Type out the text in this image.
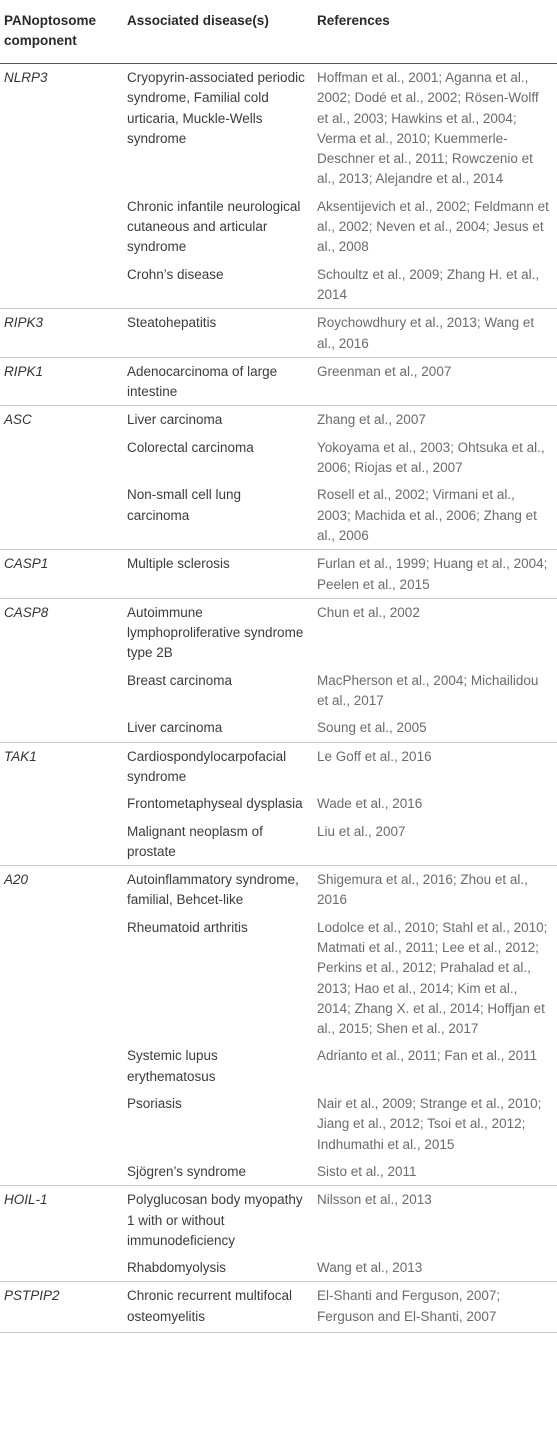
PANoptosome component	Associated disease(s)	References
NLRP3	Cryopyrin-associated periodic syndrome, Familial cold urticaria, Muckle-Wells syndrome	Hoffman et al., 2001; Aganna et al., 2002; Dodé et al., 2002; Rösen-Wolff et al., 2003; Hawkins et al., 2004; Verma et al., 2010; Kuemmerle-Deschner et al., 2011; Rowczenio et al., 2013; Alejandre et al., 2014
	Chronic infantile neurological cutaneous and articular syndrome	Aksentijevich et al., 2002; Feldmann et al., 2002; Neven et al., 2004; Jesus et al., 2008
	Crohn’s disease	Schoultz et al., 2009; Zhang H. et al., 2014
RIPK3	Steatohepatitis	Roychowdhury et al., 2013; Wang et al., 2016
RIPK1	Adenocarcinoma of large intestine	Greenman et al., 2007
ASC	Liver carcinoma	Zhang et al., 2007
	Colorectal carcinoma	Yokoyama et al., 2003; Ohtsuka et al., 2006; Riojas et al., 2007
	Non-small cell lung carcinoma	Rosell et al., 2002; Virmani et al., 2003; Machida et al., 2006; Zhang et al., 2006
CASP1	Multiple sclerosis	Furlan et al., 1999; Huang et al., 2004; Peelen et al., 2015
CASP8	Autoimmune lymphoproliferative syndrome type 2B	Chun et al., 2002
	Breast carcinoma	MacPherson et al., 2004; Michailidou et al., 2017
	Liver carcinoma	Soung et al., 2005
TAK1	Cardiospondylocarpofacial syndrome	Le Goff et al., 2016
	Frontometaphyseal dysplasia	Wade et al., 2016
	Malignant neoplasm of prostate	Liu et al., 2007
A20	Autoinflammatory syndrome, familial, Behcet-like	Shigemura et al., 2016; Zhou et al., 2016
	Rheumatoid arthritis	Lodolce et al., 2010; Stahl et al., 2010; Matmati et al., 2011; Lee et al., 2012; Perkins et al., 2012; Prahalad et al., 2013; Hao et al., 2014; Kim et al., 2014; Zhang X. et al., 2014; Hoffjan et al., 2015; Shen et al., 2017
	Systemic lupus erythematosus	Adrianto et al., 2011; Fan et al., 2011
	Psoriasis	Nair et al., 2009; Strange et al., 2010; Jiang et al., 2012; Tsoi et al., 2012; Indhumathi et al., 2015
	Sjögren’s syndrome	Sisto et al., 2011
HOIL-1	Polyglucosan body myopathy 1 with or without immunodeficiency	Nilsson et al., 2013
	Rhabdomyolysis	Wang et al., 2013
PSTPIP2	Chronic recurrent multifocal osteomyelitis	El-Shanti and Ferguson, 2007; Ferguson and El-Shanti, 2007
